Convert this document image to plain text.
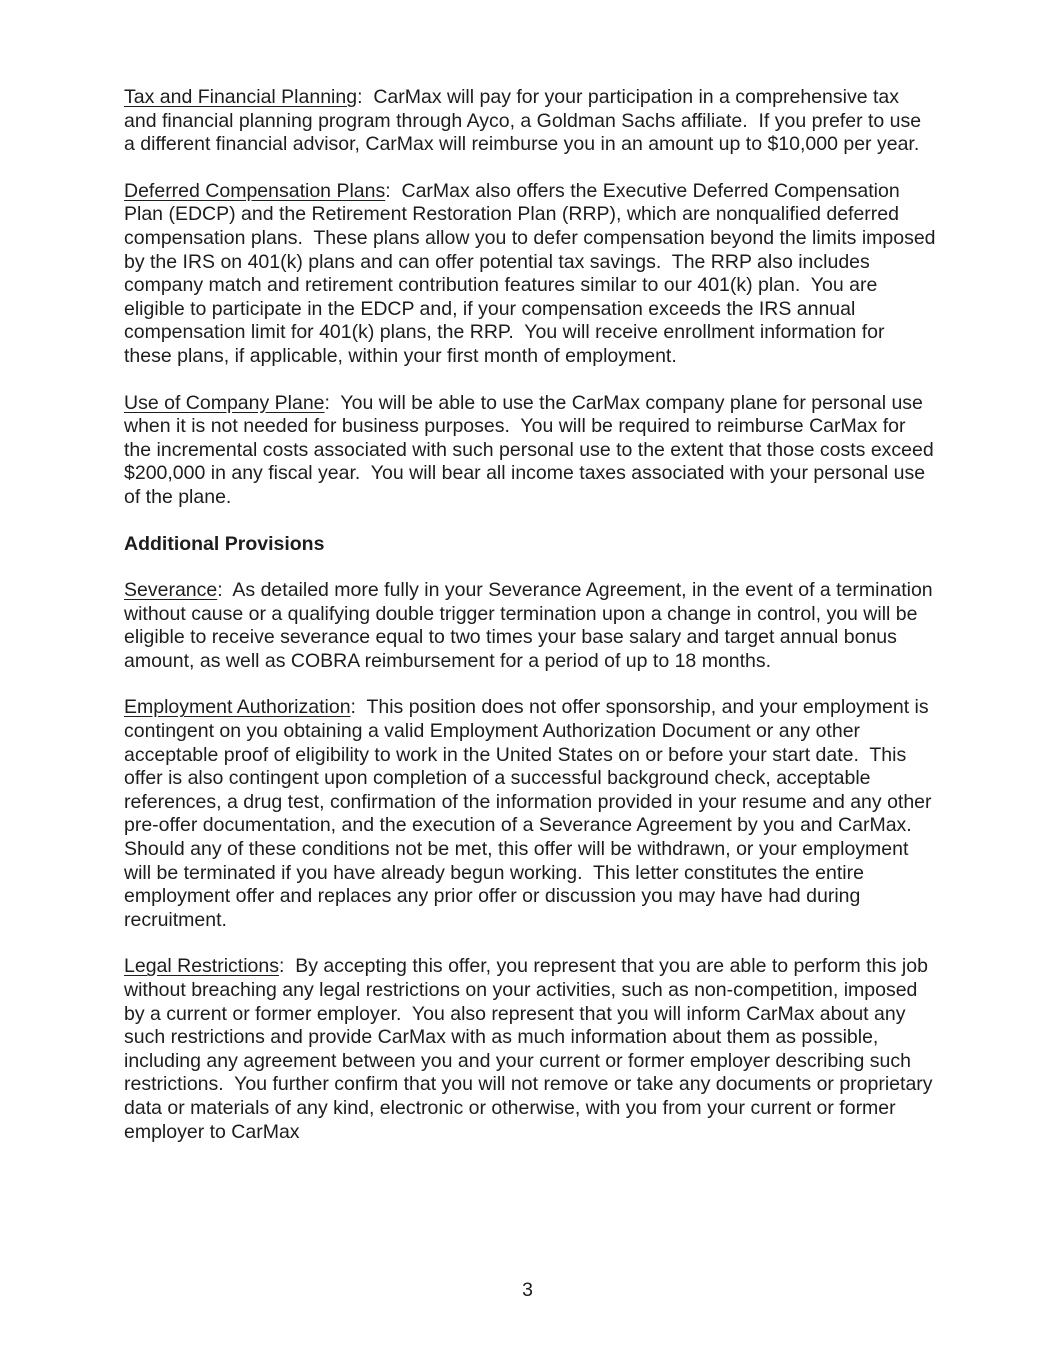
Tax and Financial Planning:  CarMax will pay for your participation in a comprehensive tax and financial planning program through Ayco, a Goldman Sachs affiliate.  If you prefer to use a different financial advisor, CarMax will reimburse you in an amount up to $10,000 per year.

Deferred Compensation Plans:  CarMax also offers the Executive Deferred Compensation Plan (EDCP) and the Retirement Restoration Plan (RRP), which are nonqualified deferred compensation plans.  These plans allow you to defer compensation beyond the limits imposed by the IRS on 401(k) plans and can offer potential tax savings.  The RRP also includes company match and retirement contribution features similar to our 401(k) plan.  You are eligible to participate in the EDCP and, if your compensation exceeds the IRS annual compensation limit for 401(k) plans, the RRP.  You will receive enrollment information for these plans, if applicable, within your first month of employment.

Use of Company Plane:  You will be able to use the CarMax company plane for personal use when it is not needed for business purposes.  You will be required to reimburse CarMax for the incremental costs associated with such personal use to the extent that those costs exceed $200,000 in any fiscal year.  You will bear all income taxes associated with your personal use of the plane.

Additional Provisions

Severance:  As detailed more fully in your Severance Agreement, in the event of a termination without cause or a qualifying double trigger termination upon a change in control, you will be eligible to receive severance equal to two times your base salary and target annual bonus amount, as well as COBRA reimbursement for a period of up to 18 months.

Employment Authorization:  This position does not offer sponsorship, and your employment is contingent on you obtaining a valid Employment Authorization Document or any other acceptable proof of eligibility to work in the United States on or before your start date.  This offer is also contingent upon completion of a successful background check, acceptable references, a drug test, confirmation of the information provided in your resume and any other pre-offer documentation, and the execution of a Severance Agreement by you and CarMax.  Should any of these conditions not be met, this offer will be withdrawn, or your employment will be terminated if you have already begun working.  This letter constitutes the entire employment offer and replaces any prior offer or discussion you may have had during recruitment.

Legal Restrictions:  By accepting this offer, you represent that you are able to perform this job without breaching any legal restrictions on your activities, such as non-competition, imposed by a current or former employer.  You also represent that you will inform CarMax about any such restrictions and provide CarMax with as much information about them as possible, including any agreement between you and your current or former employer describing such restrictions.  You further confirm that you will not remove or take any documents or proprietary data or materials of any kind, electronic or otherwise, with you from your current or former employer to CarMax

3
